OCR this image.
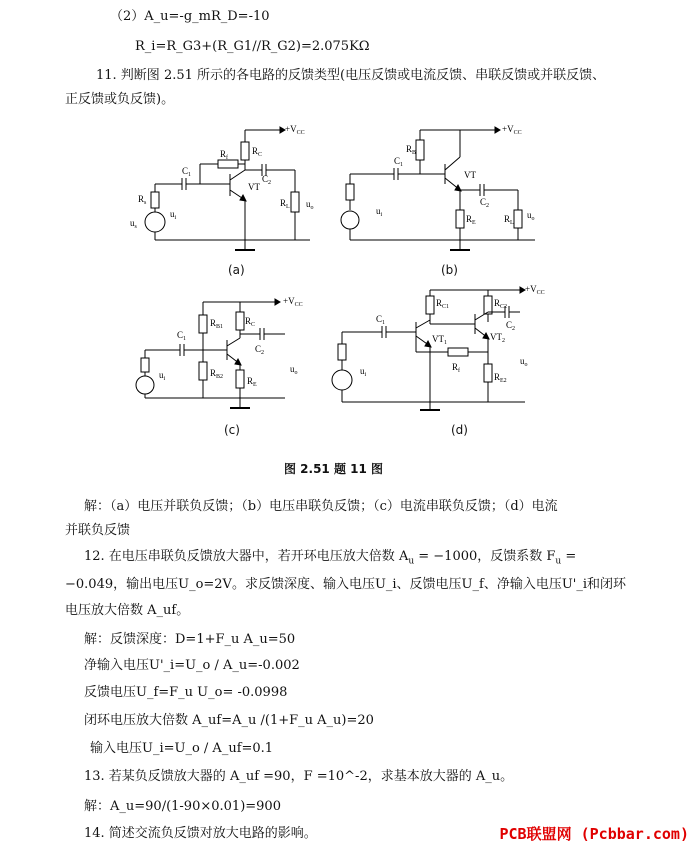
（2）A_u=-g_mR_D=-10
R_i=R_G3+(R_G1//R_G2)=2.075KΩ
11. 判断图 2.51 所示的各电路的反馈类型(电压反馈或电流反馈、串联反馈或并联反馈、
正反馈或负反馈)。
$+V_{CC}$
$R_f$
$R_C$
$C_1$	$C_2$
VT
$R_s$	$R_L$
$u_i$
$u_o$
$u_s$
(a)
$+V_{CC}$
$R_B$
$C_1$
VT
$C_2$
$R_E$	$R_L$
$u_o$
$u_i$
(b)
$+V_{CC}$
$R_{B1}$
$R_C$
$C_1$
$C_2$
$R_{B2}$	$R_E$
$u_o$
$u_i$
(c)
$+V_{CC}$
$R_{C1}$	$R_{C2}$
$C_1$	$C_2$
$VT_1$
$VT_2$
$R_f$
$R_{E2}$
$u_o$
$u_i$
(d)
图 2.51 题 11 图
解：（a）电压并联负反馈；（b）电压串联负反馈；（c）电流串联负反馈；（d）电流
并联负反馈
12. 在电压串联负反馈放大器中，若开环电压放大倍数 $A_u = -1000$，反馈系数 $F_u$ =
−0.049，输出电压U_o=2V。求反馈深度、输入电压U_i、反馈电压U_f、净输入电压U'_i和闭环
电压放大倍数 A_uf。
解：反馈深度：D=1+F_u A_u=50
净输入电压U'_i=U_o / A_u=-0.002
反馈电压U_f=F_u U_o= -0.0998
闭环电压放大倍数 A_uf=A_u /(1+F_u A_u)=20
输入电压U_i=U_o / A_uf=0.1
13. 若某负反馈放大器的 A_uf =90，F =10^-2，求基本放大器的 A_u。
解：A_u=90/(1-90×0.01)=900
14. 简述交流负反馈对放大电路的影响。	PCB联盟网 (Pcbbar.com)
